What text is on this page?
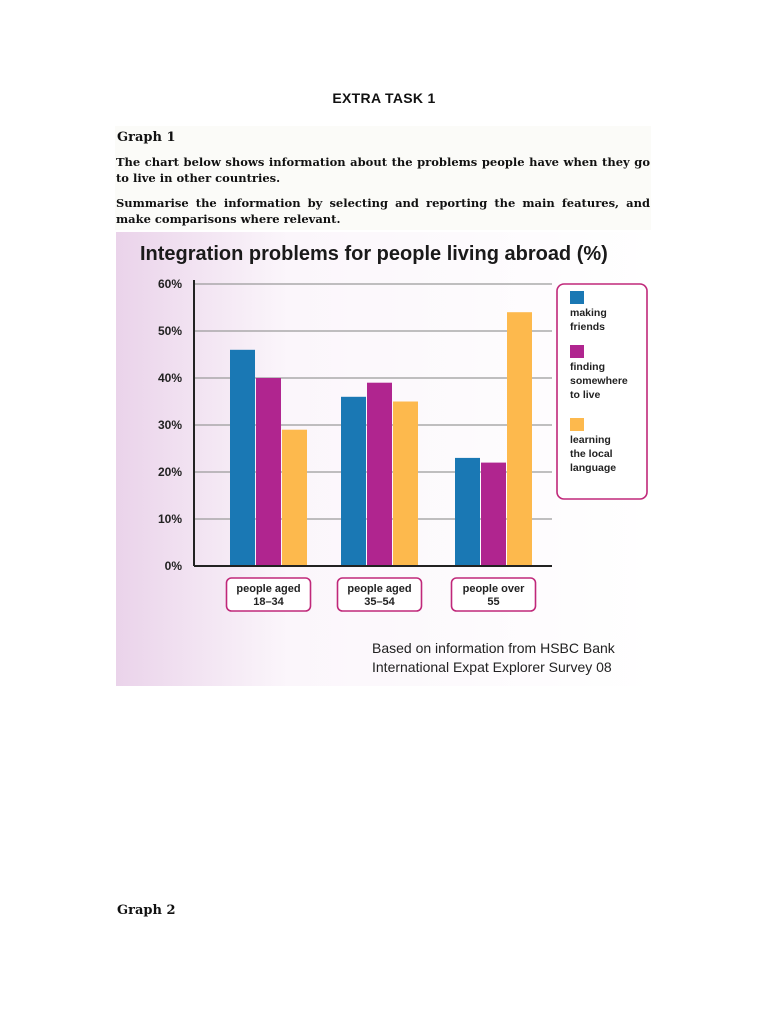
EXTRA TASK 1
Graph 1
The chart below shows information about the problems people have when they go to live in other countries.
Summarise the information by selecting and reporting the main features, and make comparisons where relevant.
Integration problems for people living abroad (%)
0%
10%
20%
30%
40%
50%
60%
people aged
18–34
people aged
35–54
people over
55
making
friends
finding
somewhere
to live
learning
the local
language
Based on information from HSBC Bank
International Expat Explorer Survey 08
Graph 2
